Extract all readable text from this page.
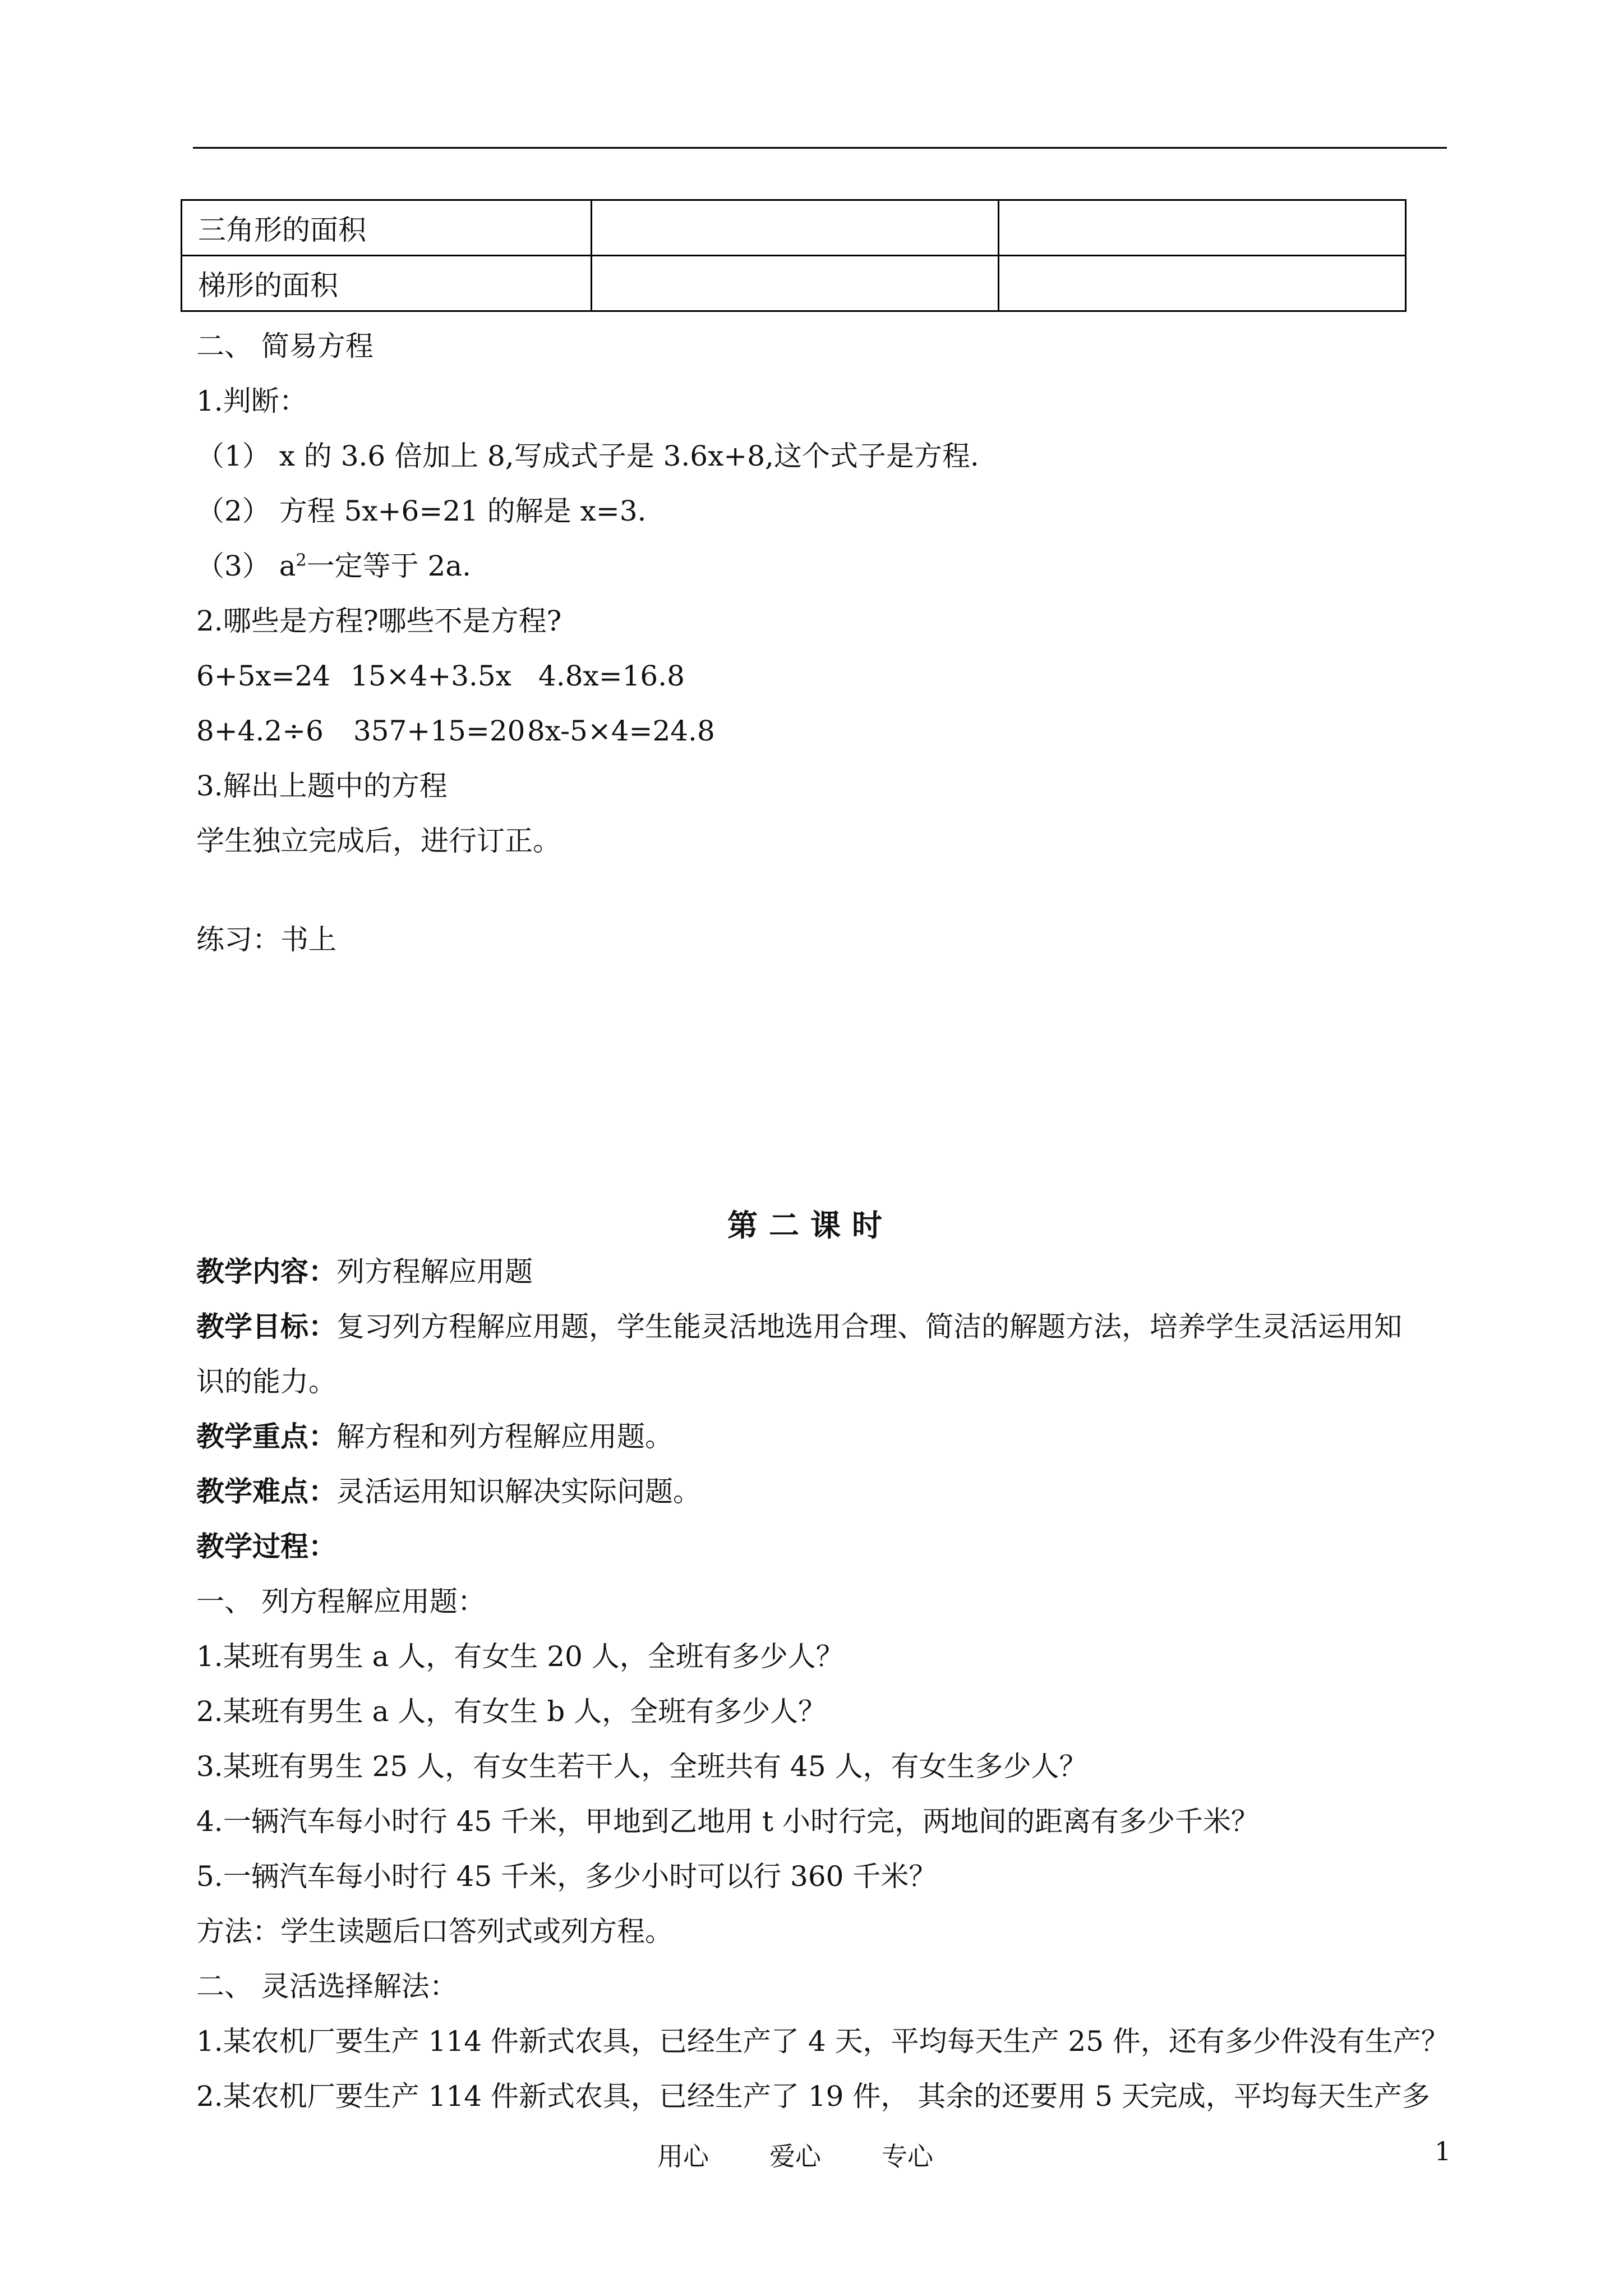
三角形的面积		
梯形的面积		
二、 简易方程
1.判断：
（1） x 的 3.6 倍加上 8,写成式子是 3.6x+8,这个式子是方程.
（2） 方程 5x+6=21 的解是 x=3.
（3） $a^2$一定等于 2a.
2.哪些是方程?哪些不是方程?
6+5x=24 15×4+3.5x 4.8x=16.8
8+4.2÷6 357+15=208x-5×4=24.8
3.解出上题中的方程
学生独立完成后，进行订正。
练习：书上
第二课时
教学内容：列方程解应用题
教学目标：复习列方程解应用题，学生能灵活地选用合理、简洁的解题方法，培养学生灵活运用知
识的能力。
教学重点：解方程和列方程解应用题。
教学难点：灵活运用知识解决实际问题。
教学过程：
一、 列方程解应用题：
1.某班有男生 a 人，有女生 20 人，全班有多少人？
2.某班有男生 a 人，有女生 b 人，全班有多少人？
3.某班有男生 25 人，有女生若干人，全班共有 45 人，有女生多少人？
4.一辆汽车每小时行 45 千米，甲地到乙地用 t 小时行完，两地间的距离有多少千米？
5.一辆汽车每小时行 45 千米，多少小时可以行 360 千米？
方法：学生读题后口答列式或列方程。
二、 灵活选择解法：
1.某农机厂要生产 114 件新式农具，已经生产了 4 天，平均每天生产 25 件，还有多少件没有生产？
2.某农机厂要生产 114 件新式农具，已经生产了 19 件， 其余的还要用 5 天完成，平均每天生产多
用心 爱心 专心	1
